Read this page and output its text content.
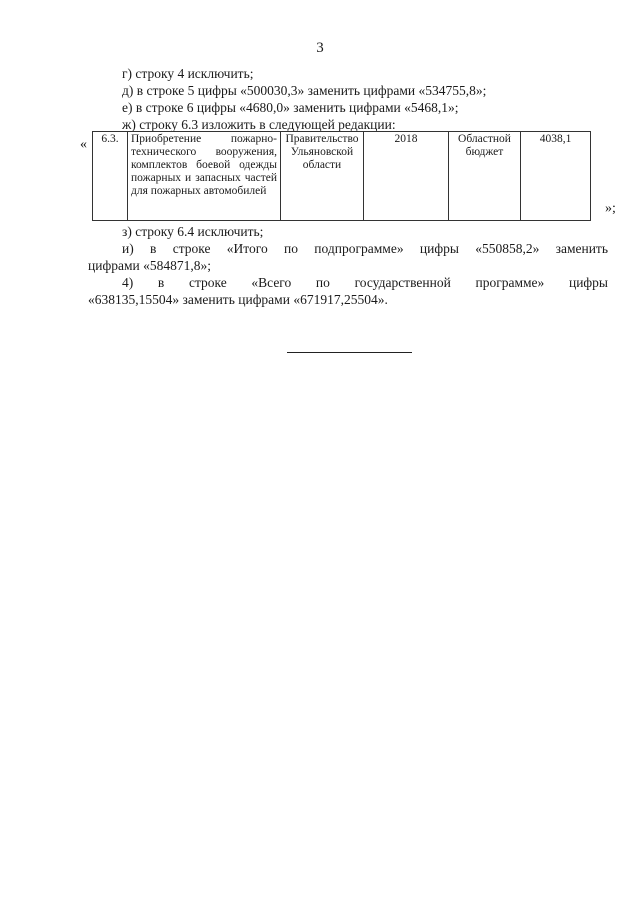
3
г) строку 4 исключить;
д) в строке 5 цифры «500030,3» заменить цифрами «534755,8»;
е) в строке 6 цифры «4680,0» заменить цифрами «5468,1»;
ж) строку 6.3 изложить в следующей редакции:
« 6.3.	Приобретение пожарно-технического вооружения, комплектов боевой одежды пожарных и запасных частей для пожарных автомобилей	Правительство Ульяновской области	2018	Областной бюджет	4038,1
»;
з) строку 6.4 исключить;
и) в строке «Итого по подпрограмме» цифры «550858,2» заменить
цифрами «584871,8»;
4) в строке «Всего по государственной программе» цифры
«638135,15504» заменить цифрами «671917,25504».
